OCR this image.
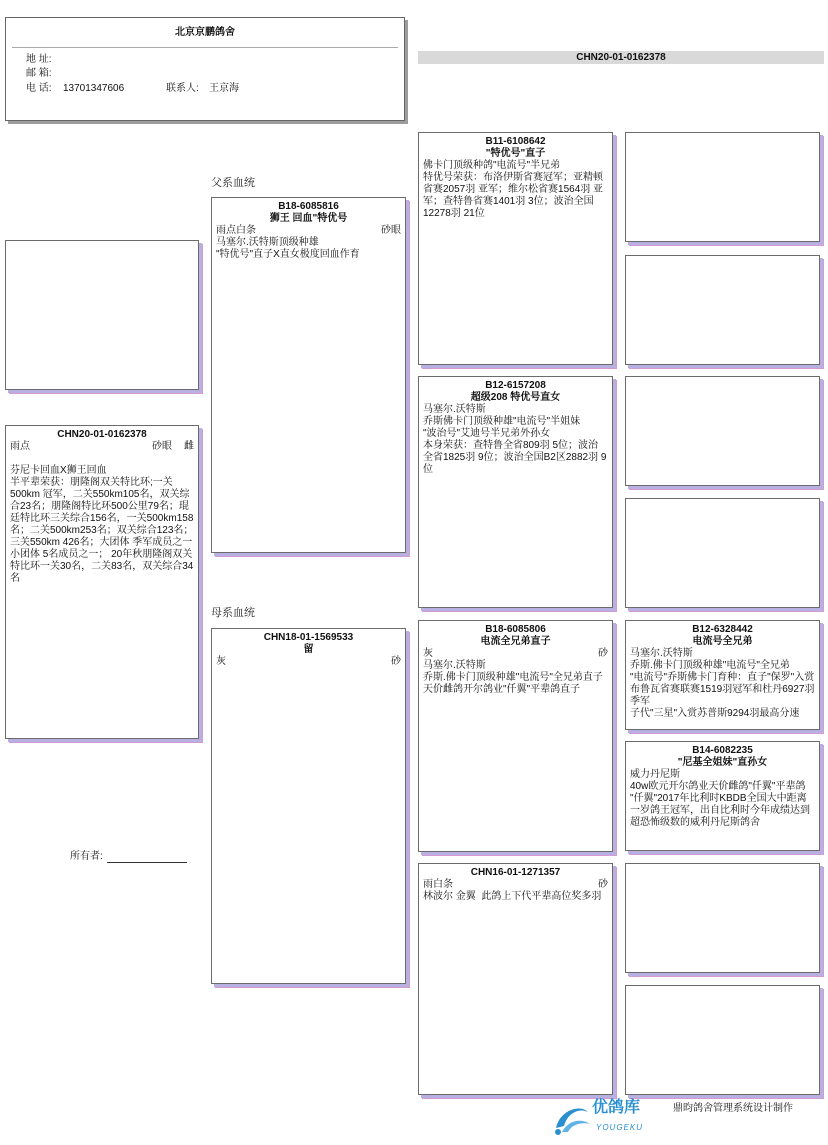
北京京鹏鸽舍
地 址:
邮 箱:
电 话: 13701347606	联系人: 王京海
CHN20-01-0162378
父系血统
母系血统
CHN20-01-0162378
雨点	砂眼 雌
芬尼卡回血X狮王回血
半平辈荣获：朋隆阁双关特比环;一关500km 冠军，二关550km105名，双关综合23名；朋隆阁特比环500公里79名；琨廷特比环三关综合156名，一关500km158名；二关500km253名；双关综合123名；三关550km 426名；大团体 季军成员之一 小团体 5名成员之一； 20年秋朋隆阁双关特比环一关30名，二关83名，双关综合34名
B18-6085816
狮王 回血"特优号
雨点白条	砂眼
马塞尔.沃特斯顶级种雄
"特优号"直子X直女极度回血作育
CHN18-01-1569533
留
灰	砂
B11-6108642
"特优号"直子
佛卡门顶级种鸽"电流号"半兄弟
特优号荣获：布洛伊斯省赛冠军；亚精顿省赛2057羽 亚军；维尔松省赛1564羽 亚军；查特鲁省赛1401羽 3位；波治全国12278羽 21位
B12-6157208
超级208 特优号直女
马塞尔.沃特斯
乔斯佛卡门顶级种雄"电流号"半姐妹
"波治号"艾迪号半兄弟外孙女
本身荣获：查特鲁全省809羽 5位；波治全省1825羽 9位；波治全国B2区2882羽 9位
B18-6085806
电流全兄弟直子
灰	砂
马塞尔.沃特斯
乔斯.佛卡门顶级种雄"电流号"全兄弟直子
天价雌鸽开尔鸽业"仟翼"平辈鸽直子
CHN16-01-1271357
雨白条	砂
林波尔 金翼  此鸽上下代平辈高位奖多羽
B12-6328442
电流号全兄弟
马塞尔.沃特斯
乔斯.佛卡门顶级种雄"电流号"全兄弟
"电流号"乔斯佛卡门育种：直子"保罗"入赏布鲁瓦省赛联赛1519羽冠军和杜丹6927羽季军
子代"三星"入赏苏普斯9294羽最高分速
B14-6082235
"尼基全姐妹"直孙女
威力丹尼斯
40w欧元开尔鸽业天价雌鸽"仟翼"平辈鸽
"仟翼"2017年比利时KBDB全国大中距离一岁鸽王冠军，出自比利时今年成绩达到超恐怖级数的威利丹尼斯鸽舍
所有者:
优鸽库
YOUGEKU
鼎昀鸽舍管理系统设计制作
